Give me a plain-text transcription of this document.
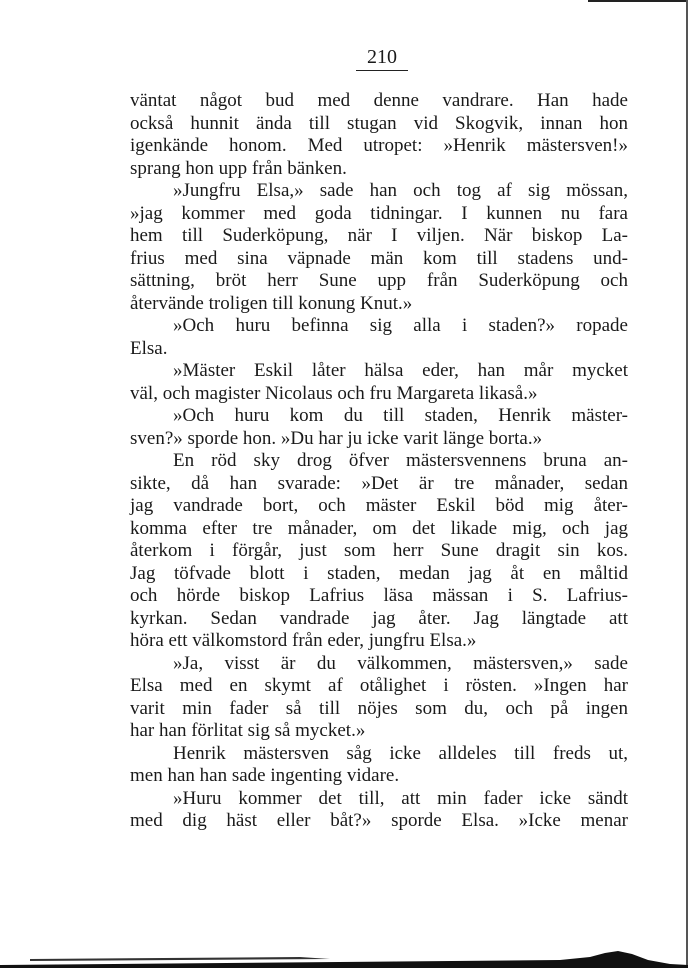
210
väntat något bud med denne vandrare. Han hade
också hunnit ända till stugan vid Skogvik, innan hon
igenkände honom. Med utropet: »Henrik mästersven!»
sprang hon upp från bänken.
»Jungfru Elsa,» sade han och tog af sig mössan,
»jag kommer med goda tidningar. I kunnen nu fara
hem till Suderköpung, när I viljen. När biskop La-
frius med sina väpnade män kom till stadens und-
sättning, bröt herr Sune upp från Suderköpung och
återvände troligen till konung Knut.»
»Och huru befinna sig alla i staden?» ropade
Elsa.
»Mäster Eskil låter hälsa eder, han mår mycket
väl, och magister Nicolaus och fru Margareta likaså.»
»Och huru kom du till staden, Henrik mäster-
sven?» sporde hon. »Du har ju icke varit länge borta.»
En röd sky drog öfver mästersvennens bruna an-
sikte, då han svarade: »Det är tre månader, sedan
jag vandrade bort, och mäster Eskil böd mig åter-
komma efter tre månader, om det likade mig, och jag
återkom i förgår, just som herr Sune dragit sin kos.
Jag töfvade blott i staden, medan jag åt en måltid
och hörde biskop Lafrius läsa mässan i S. Lafrius-
kyrkan. Sedan vandrade jag åter. Jag längtade att
höra ett välkomstord från eder, jungfru Elsa.»
»Ja, visst är du välkommen, mästersven,» sade
Elsa med en skymt af otålighet i rösten. »Ingen har
varit min fader så till nöjes som du, och på ingen
har han förlitat sig så mycket.»
Henrik mästersven såg icke alldeles till freds ut,
men han han sade ingenting vidare.
»Huru kommer det till, att min fader icke sändt
med dig häst eller båt?» sporde Elsa. »Icke menar
